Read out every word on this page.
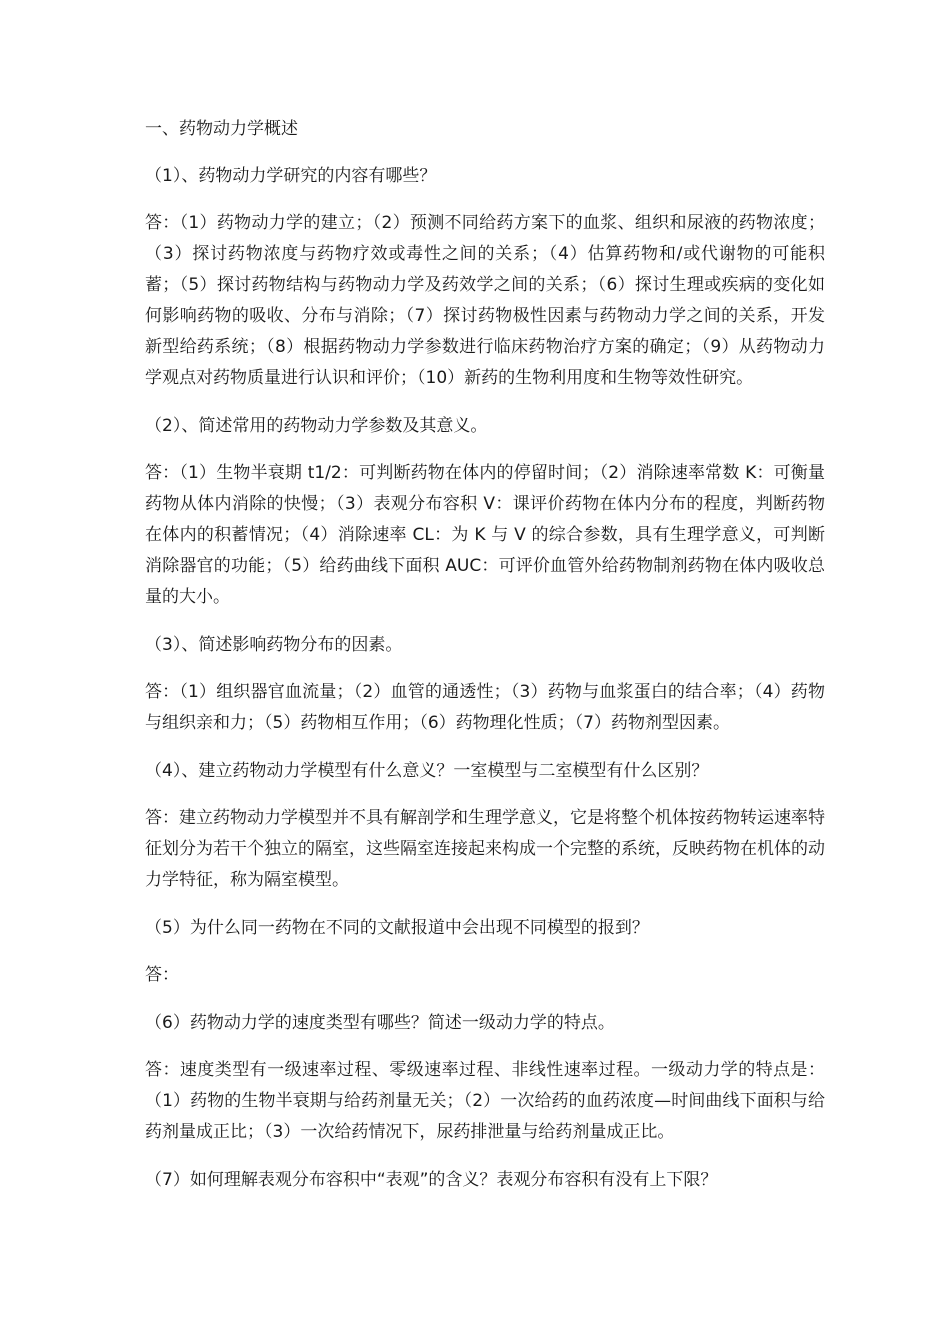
一、药物动力学概述

（1）、药物动力学研究的内容有哪些？

答：（1）药物动力学的建立；（2）预测不同给药方案下的血浆、组织和尿液的药物浓度；（3）探讨药物浓度与药物疗效或毒性之间的关系；（4）估算药物和/或代谢物的可能积蓄；（5）探讨药物结构与药物动力学及药效学之间的关系；（6）探讨生理或疾病的变化如何影响药物的吸收、分布与消除；（7）探讨药物极性因素与药物动力学之间的关系，开发新型给药系统；（8）根据药物动力学参数进行临床药物治疗方案的确定；（9）从药物动力学观点对药物质量进行认识和评价；（10）新药的生物利用度和生物等效性研究。

（2）、简述常用的药物动力学参数及其意义。

答：（1）生物半衰期 t1/2：可判断药物在体内的停留时间；（2）消除速率常数 K：可衡量药物从体内消除的快慢；（3）表观分布容积 V：课评价药物在体内分布的程度，判断药物在体内的积蓄情况；（4）消除速率 CL：为 K 与 V 的综合参数，具有生理学意义，可判断消除器官的功能；（5）给药曲线下面积 AUC：可评价血管外给药物制剂药物在体内吸收总量的大小。

（3）、简述影响药物分布的因素。

答：（1）组织器官血流量；（2）血管的通透性；（3）药物与血浆蛋白的结合率；（4）药物与组织亲和力；（5）药物相互作用；（6）药物理化性质；（7）药物剂型因素。

（4）、建立药物动力学模型有什么意义？一室模型与二室模型有什么区别？

答：建立药物动力学模型并不具有解剖学和生理学意义，它是将整个机体按药物转运速率特征划分为若干个独立的隔室，这些隔室连接起来构成一个完整的系统，反映药物在机体的动力学特征，称为隔室模型。

（5）为什么同一药物在不同的文献报道中会出现不同模型的报到？

答：

（6）药物动力学的速度类型有哪些？简述一级动力学的特点。

答：速度类型有一级速率过程、零级速率过程、非线性速率过程。一级动力学的特点是：（1）药物的生物半衰期与给药剂量无关；（2）一次给药的血药浓度—时间曲线下面积与给药剂量成正比；（3）一次给药情况下，尿药排泄量与给药剂量成正比。

（7）如何理解表观分布容积中“表观”的含义？表观分布容积有没有上下限？
